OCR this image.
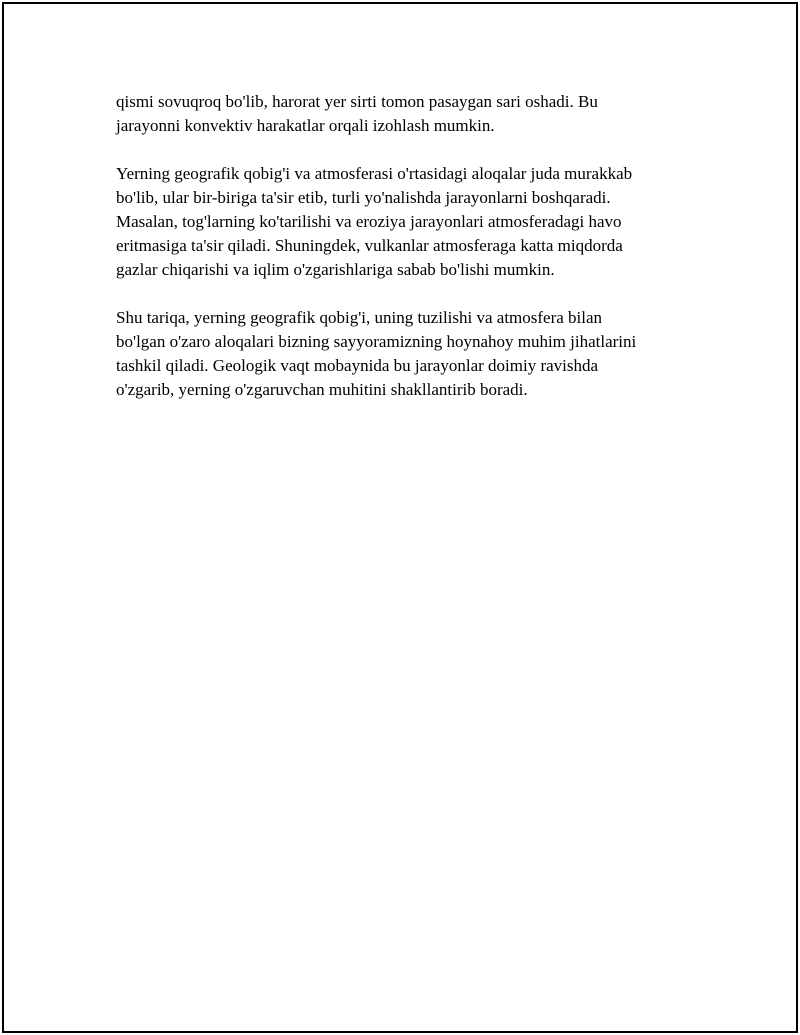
qismi sovuqroq bo'lib, harorat yer sirti tomon pasaygan sari oshadi. Bu
jarayonni konvektiv harakatlar orqali izohlash mumkin.

Yerning geografik qobig'i va atmosferasi o'rtasidagi aloqalar juda murakkab
bo'lib, ular bir-biriga ta'sir etib, turli yo'nalishda jarayonlarni boshqaradi.
Masalan, tog'larning ko'tarilishi va eroziya jarayonlari atmosferadagi havo
eritmasiga ta'sir qiladi. Shuningdek, vulkanlar atmosferaga katta miqdorda
gazlar chiqarishi va iqlim o'zgarishlariga sabab bo'lishi mumkin.

Shu tariqa, yerning geografik qobig'i, uning tuzilishi va atmosfera bilan
bo'lgan o'zaro aloqalari bizning sayyoramizning hoynahoy muhim jihatlarini
tashkil qiladi. Geologik vaqt mobaynida bu jarayonlar doimiy ravishda
o'zgarib, yerning o'zgaruvchan muhitini shakllantirib boradi.
